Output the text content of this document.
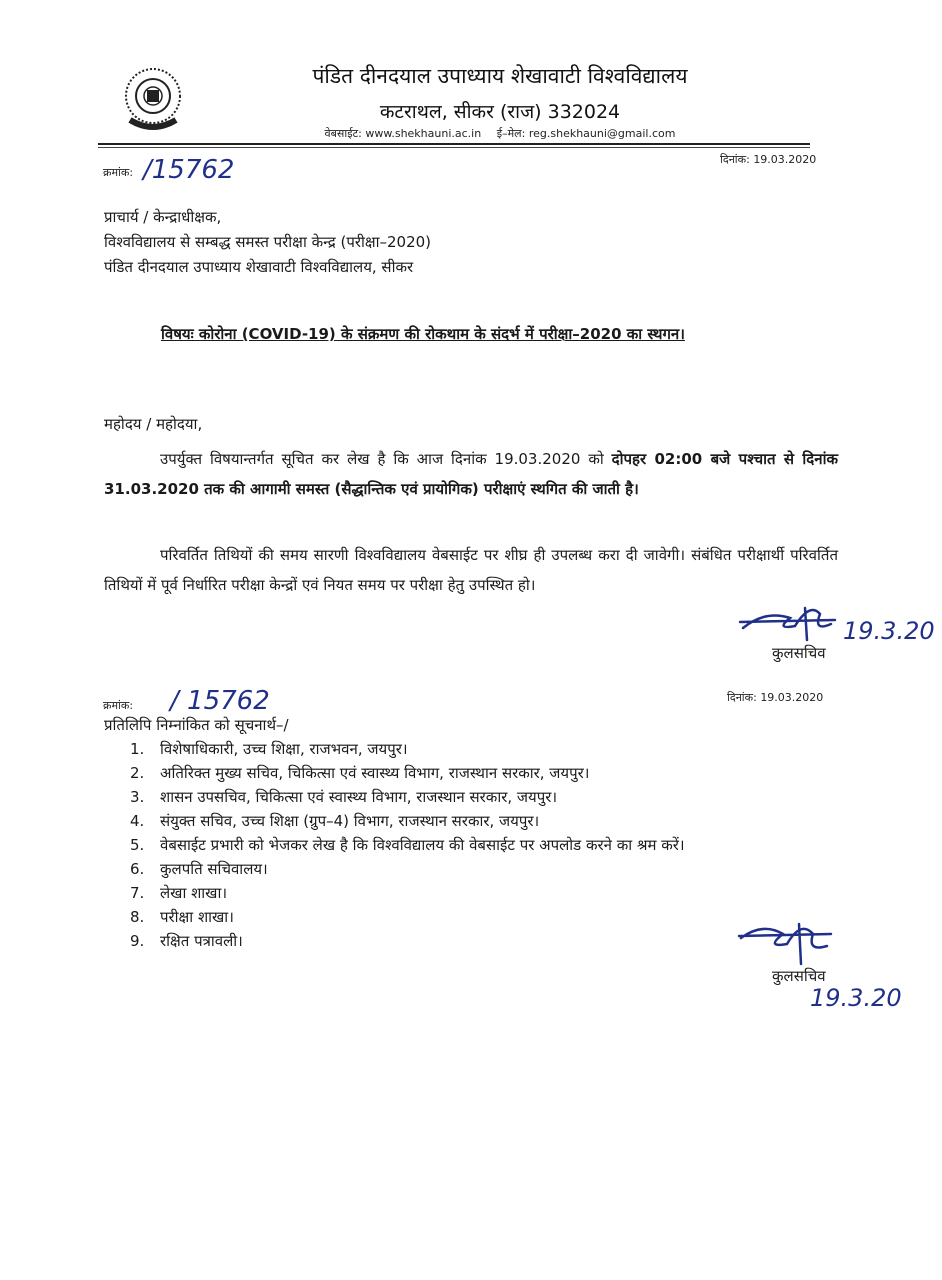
पंडित दीनदयाल उपाध्याय शेखावाटी विश्वविद्यालय
कटराथल, सीकर (राज) 332024
वेबसाईट: www.shekhauni.ac.in ई–मेल: reg.shekhauni@gmail.com
क्रमांक: /15762	दिनांक: 19.03.2020
प्राचार्य / केन्द्राधीक्षक,
विश्वविद्यालय से सम्बद्ध समस्त परीक्षा केन्द्र (परीक्षा–2020)
पंडित दीनदयाल उपाध्याय शेखावाटी विश्वविद्यालय, सीकर
विषयः कोरोना (COVID-19) के संक्रमण की रोकथाम के संदर्भ में परीक्षा–2020 का स्थगन।
महोदय / महोदया,
उपर्युक्त विषयान्तर्गत सूचित कर लेख है कि आज दिनांक 19.03.2020 को दोपहर 02:00 बजे पश्चात से दिनांक 31.03.2020 तक की आगामी समस्त (सैद्धान्तिक एवं प्रायोगिक) परीक्षाएं स्थगित की जाती है।
परिवर्तित तिथियों की समय सारणी विश्वविद्यालय वेबसाईट पर शीघ्र ही उपलब्ध करा दी जावेगी। संबंधित परीक्षार्थी परिवर्तित तिथियों में पूर्व निर्धारित परीक्षा केन्द्रों एवं नियत समय पर परीक्षा हेतु उपस्थित हो।
19.3.20
कुलसचिव
क्रमांक: / 15762	दिनांक: 19.03.2020
प्रतिलिपि निम्नांकित को सूचनार्थ–/
1.	विशेषाधिकारी, उच्च शिक्षा, राजभवन, जयपुर।
2.	अतिरिक्त मुख्य सचिव, चिकित्सा एवं स्वास्थ्य विभाग, राजस्थान सरकार, जयपुर।
3.	शासन उपसचिव, चिकित्सा एवं स्वास्थ्य विभाग, राजस्थान सरकार, जयपुर।
4.	संयुक्त सचिव, उच्च शिक्षा (ग्रुप–4) विभाग, राजस्थान सरकार, जयपुर।
5.	वेबसाईट प्रभारी को भेजकर लेख है कि विश्वविद्यालय की वेबसाईट पर अपलोड करने का श्रम करें।
6.	कुलपति सचिवालय।
7.	लेखा शाखा।
8.	परीक्षा शाखा।
9.	रक्षित पत्रावली।
कुलसचिव
19.3.20
